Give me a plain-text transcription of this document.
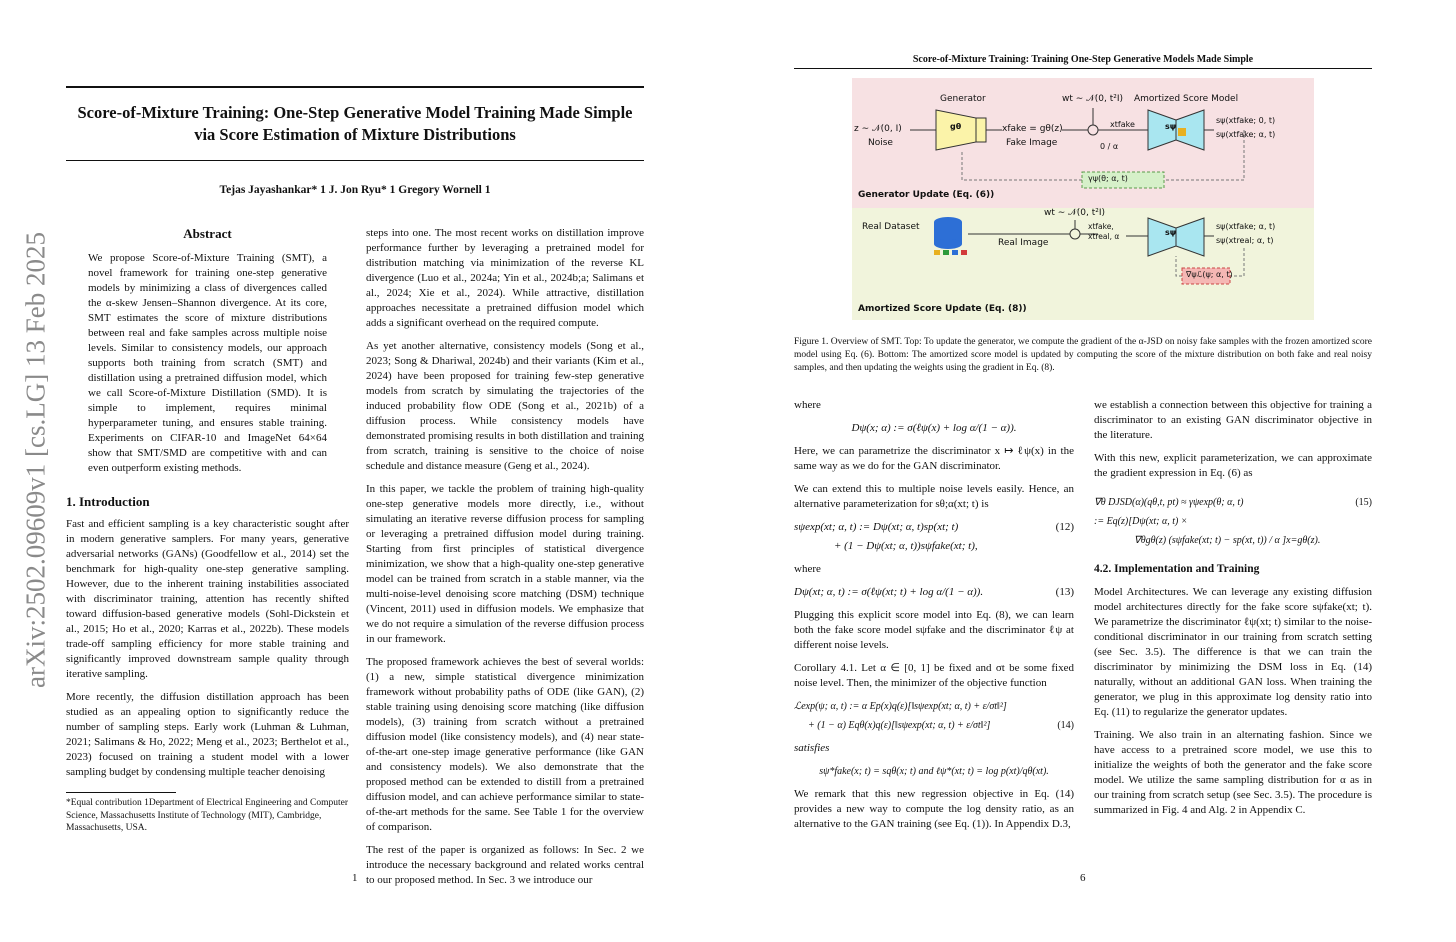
arXiv:2502.09609v1 [cs.LG] 13 Feb 2025
Score-of-Mixture Training: One-Step Generative Model Training Made Simple
via Score Estimation of Mixture Distributions
Tejas Jayashankar* 1 J. Jon Ryu* 1 Gregory Wornell 1
Abstract

We propose Score-of-Mixture Training (SMT), a novel framework for training one-step generative models by minimizing a class of divergences called the α-skew Jensen–Shannon divergence. At its core, SMT estimates the score of mixture distributions between real and fake samples across multiple noise levels. Similar to consistency models, our approach supports both training from scratch (SMT) and distillation using a pretrained diffusion model, which we call Score-of-Mixture Distillation (SMD). It is simple to implement, requires minimal hyperparameter tuning, and ensures stable training. Experiments on CIFAR-10 and ImageNet 64×64 show that SMT/SMD are competitive with and can even outperform existing methods.

1. Introduction

Fast and efficient sampling is a key characteristic sought after in modern generative samplers. For many years, generative adversarial networks (GANs) (Goodfellow et al., 2014) set the benchmark for high-quality one-step generative sampling. However, due to the inherent training instabilities associated with discriminator training, attention has recently shifted toward diffusion-based generative models (Sohl-Dickstein et al., 2015; Ho et al., 2020; Karras et al., 2022b). These models trade-off sampling efficiency for more stable training and significantly improved downstream sample quality through iterative sampling.

More recently, the diffusion distillation approach has been studied as an appealing option to significantly reduce the number of sampling steps. Early work (Luhman & Luhman, 2021; Salimans & Ho, 2022; Meng et al., 2023; Berthelot et al., 2023) focused on training a student model with a lower sampling budget by condensing multiple teacher denoising

*Equal contribution 1Department of Electrical Engineering and Computer Science, Massachusetts Institute of Technology (MIT), Cambridge, Massachusetts, USA.

steps into one. The most recent works on distillation improve performance further by leveraging a pretrained model for distribution matching via minimization of the reverse KL divergence (Luo et al., 2024a; Yin et al., 2024b;a; Salimans et al., 2024; Xie et al., 2024). While attractive, distillation approaches necessitate a pretrained diffusion model which adds a significant overhead on the required compute.

As yet another alternative, consistency models (Song et al., 2023; Song & Dhariwal, 2024b) and their variants (Kim et al., 2024) have been proposed for training few-step generative models from scratch by simulating the trajectories of the induced probability flow ODE (Song et al., 2021b) of a diffusion process. While consistency models have demonstrated promising results in both distillation and training from scratch, training is sensitive to the choice of noise schedule and distance measure (Geng et al., 2024).

In this paper, we tackle the problem of training high-quality one-step generative models more directly, i.e., without simulating an iterative reverse diffusion process for sampling or leveraging a pretrained diffusion model during training. Starting from first principles of statistical divergence minimization, we show that a high-quality one-step generative model can be trained from scratch in a stable manner, via the multi-noise-level denoising score matching (DSM) technique (Vincent, 2011) used in diffusion models. We emphasize that we do not require a simulation of the reverse diffusion process in our framework.

The proposed framework achieves the best of several worlds: (1) a new, simple statistical divergence minimization framework without probability paths of ODE (like GAN), (2) stable training using denoising score matching (like diffusion models), (3) training from scratch without a pretrained diffusion model (like consistency models), and (4) near state-of-the-art one-step image generative performance (like GAN and consistency models). We also demonstrate that the proposed method can be extended to distill from a pretrained diffusion model, and can achieve performance similar to state-of-the-art methods for the same. See Table 1 for the overview of comparison.

The rest of the paper is organized as follows: In Sec. 2 we introduce the necessary background and related works central to our proposed method. In Sec. 3 we introduce our

1
Score-of-Mixture Training: Training One-Step Generative Models Made Simple
Generator
gθ
z ∼ 𝒩(0, I)
Noise
xfake = gθ(z)
Fake Image
wt ∼ 𝒩(0, t²I)
xtfake
0 / α
Amortized Score Model
sψ
sψ(xtfake; 0, t)
sψ(xtfake; α, t)
γψ(θ; α, t)
Generator Update (Eq. (6))
Real Dataset
wt ∼ 𝒩(0, t²I)
Real Image
xtfake, xtreal, α	sψ
sψ(xtfake; α, t)
sψ(xtreal; α, t)
∇ψℒ(ψ; α, t)
Amortized Score Update (Eq. (8))
Figure 1. Overview of SMT. Top: To update the generator, we compute the gradient of the α-JSD on noisy fake samples with the frozen amortized score model using Eq. (6). Bottom: The amortized score model is updated by computing the score of the mixture distribution on both fake and real noisy samples, and then updating the weights using the gradient in Eq. (8).

where

Dψ(x; α) := σ(ℓψ(x) + log α/(1 − α)).

Here, we can parametrize the discriminator x ↦ ℓψ(x) in the same way as we do for the GAN discriminator.

We can extend this to multiple noise levels easily. Hence, an alternative parameterization for sθ;α(xt; t) is

sψexp(xt; α, t) := Dψ(xt; α, t)sp(xt; t)	(12)
+ (1 − Dψ(xt; α, t))sψfake(xt; t),

where

Dψ(xt; α, t) := σ(ℓψ(xt; t) + log α/(1 − α)).	(13)

Plugging this explicit score model into Eq. (8), we can learn both the fake score model sψfake and the discriminator ℓψ at different noise levels.

Corollary 4.1. Let α ∈ [0, 1] be fixed and σt be some fixed noise level. Then, the minimizer of the objective function

ℒexp(ψ; α, t) := α Ep(x)q(ε)[‖sψexp(xt; α, t) + ε/σt‖²]
+ (1 − α) Eqθ(x)q(ε)[‖sψexp(xt; α, t) + ε/σt‖²]	(14)

satisfies

sψ*fake(x; t) = sqθ(x; t) and ℓψ*(xt; t) = log p(xt)/qθ(xt).

We remark that this new regression objective in Eq. (14) provides a new way to compute the log density ratio, as an alternative to the GAN training (see Eq. (1)). In Appendix D.3,

we establish a connection between this objective for training a discriminator to an existing GAN discriminator objective in the literature.

With this new, explicit parameterization, we can approximate the gradient expression in Eq. (6) as

∇θ DJSD(α)(qθ,t, pt) ≈ γψexp(θ; α, t)	(15)
:= Eq(z)[Dψ(xt; α, t) ×
∇θgθ(z) (sψfake(xt; t) − sp(xt, t)) / α ]x=gθ(z).
4.2. Implementation and Training

Model Architectures. We can leverage any existing diffusion model architectures directly for the fake score sψfake(xt; t). We parametrize the discriminator ℓψ(xt; t) similar to the noise-conditional discriminator in our training from scratch setting (see Sec. 3.5). The difference is that we can train the discriminator by minimizing the DSM loss in Eq. (14) naturally, without an additional GAN loss. When training the generator, we plug in this approximate log density ratio into Eq. (11) to regularize the generator updates.

Training. We also train in an alternating fashion. Since we have access to a pretrained score model, we use this to initialize the weights of both the generator and the fake score model. We utilize the same sampling distribution for α as in our training from scratch setup (see Sec. 3.5). The procedure is summarized in Fig. 4 and Alg. 2 in Appendix C.

6
